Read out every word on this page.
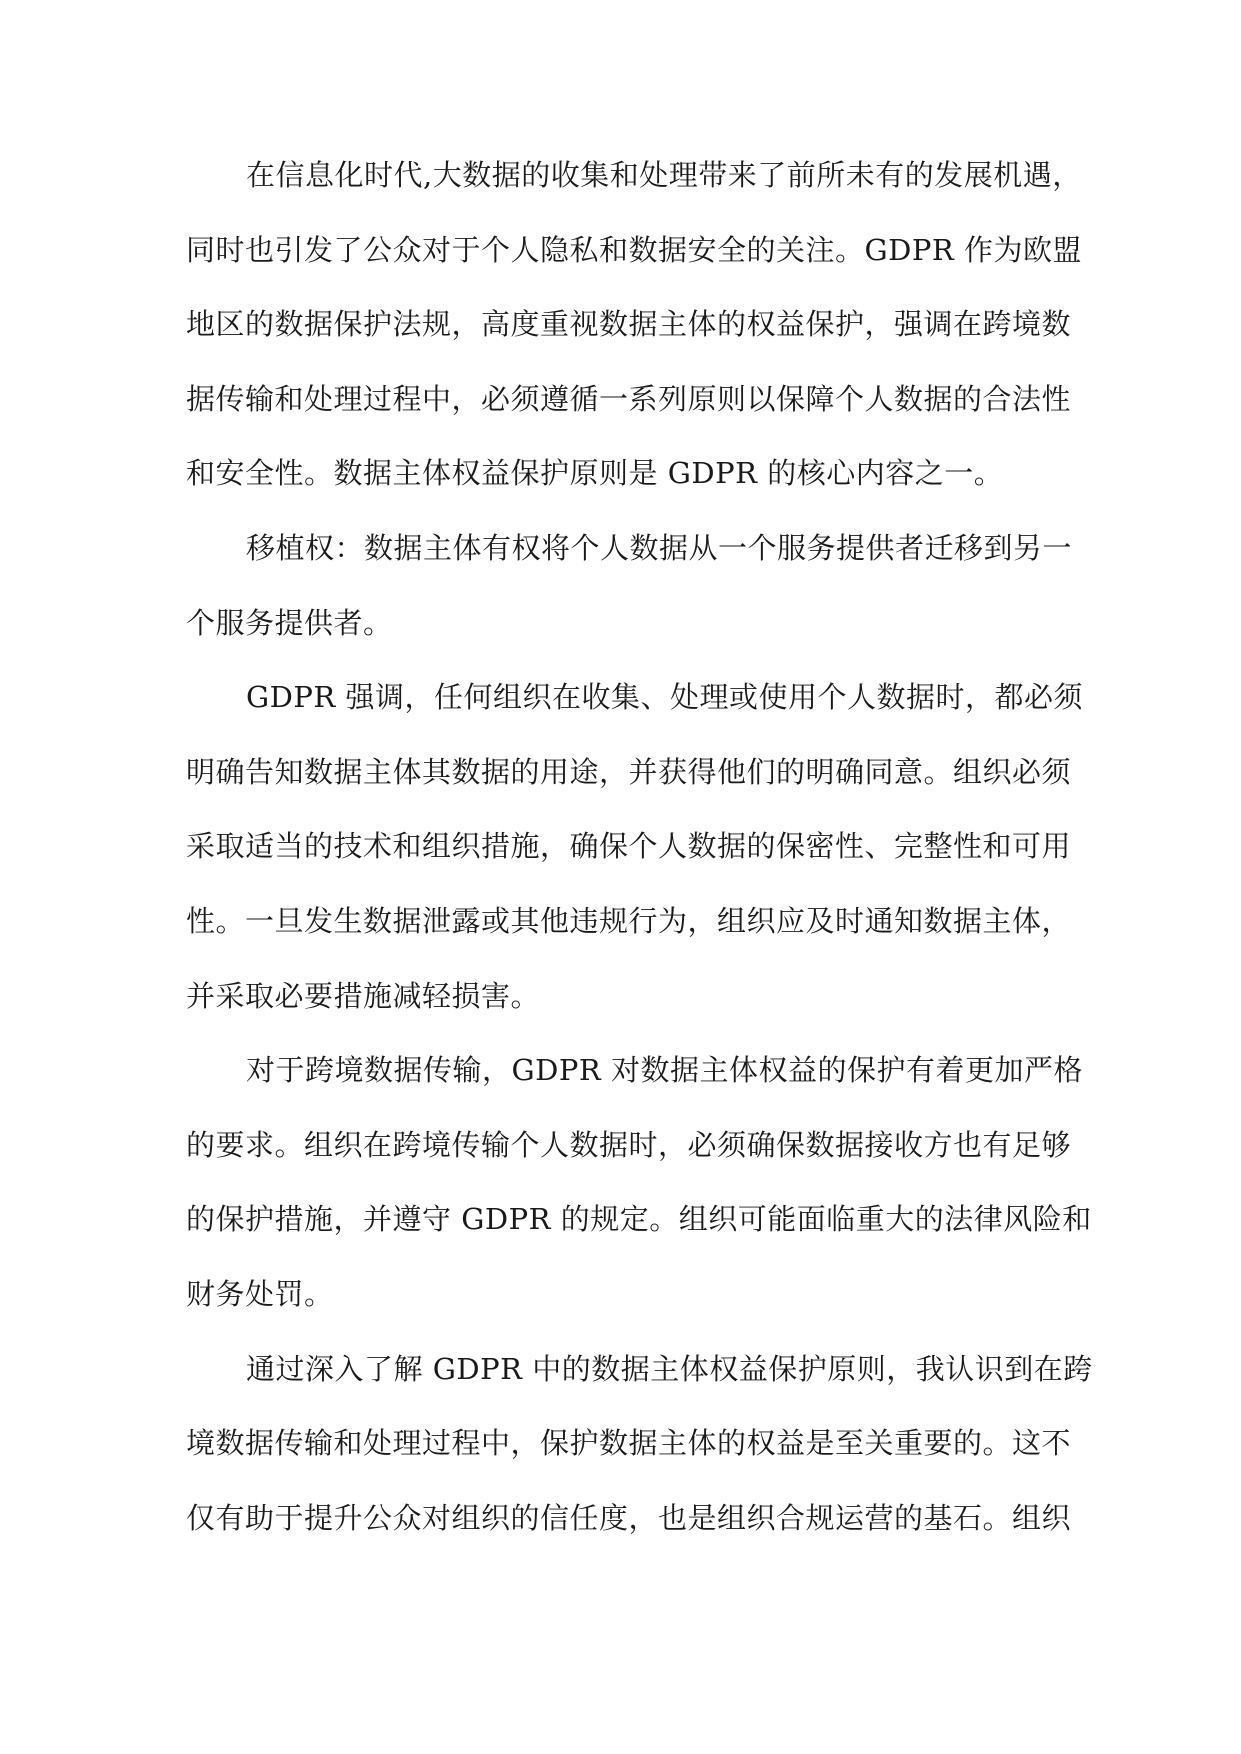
在信息化时代,大数据的收集和处理带来了前所未有的发展机遇，
同时也引发了公众对于个人隐私和数据安全的关注。GDPR 作为欧盟
地区的数据保护法规，高度重视数据主体的权益保护，强调在跨境数
据传输和处理过程中，必须遵循一系列原则以保障个人数据的合法性
和安全性。数据主体权益保护原则是 GDPR 的核心内容之一。
移植权：数据主体有权将个人数据从一个服务提供者迁移到另一
个服务提供者。
GDPR 强调，任何组织在收集、处理或使用个人数据时，都必须
明确告知数据主体其数据的用途，并获得他们的明确同意。组织必须
采取适当的技术和组织措施，确保个人数据的保密性、完整性和可用
性。一旦发生数据泄露或其他违规行为，组织应及时通知数据主体，
并采取必要措施减轻损害。
对于跨境数据传输，GDPR 对数据主体权益的保护有着更加严格
的要求。组织在跨境传输个人数据时，必须确保数据接收方也有足够
的保护措施，并遵守 GDPR 的规定。组织可能面临重大的法律风险和
财务处罚。
通过深入了解 GDPR 中的数据主体权益保护原则，我认识到在跨
境数据传输和处理过程中，保护数据主体的权益是至关重要的。这不
仅有助于提升公众对组织的信任度，也是组织合规运营的基石。组织
